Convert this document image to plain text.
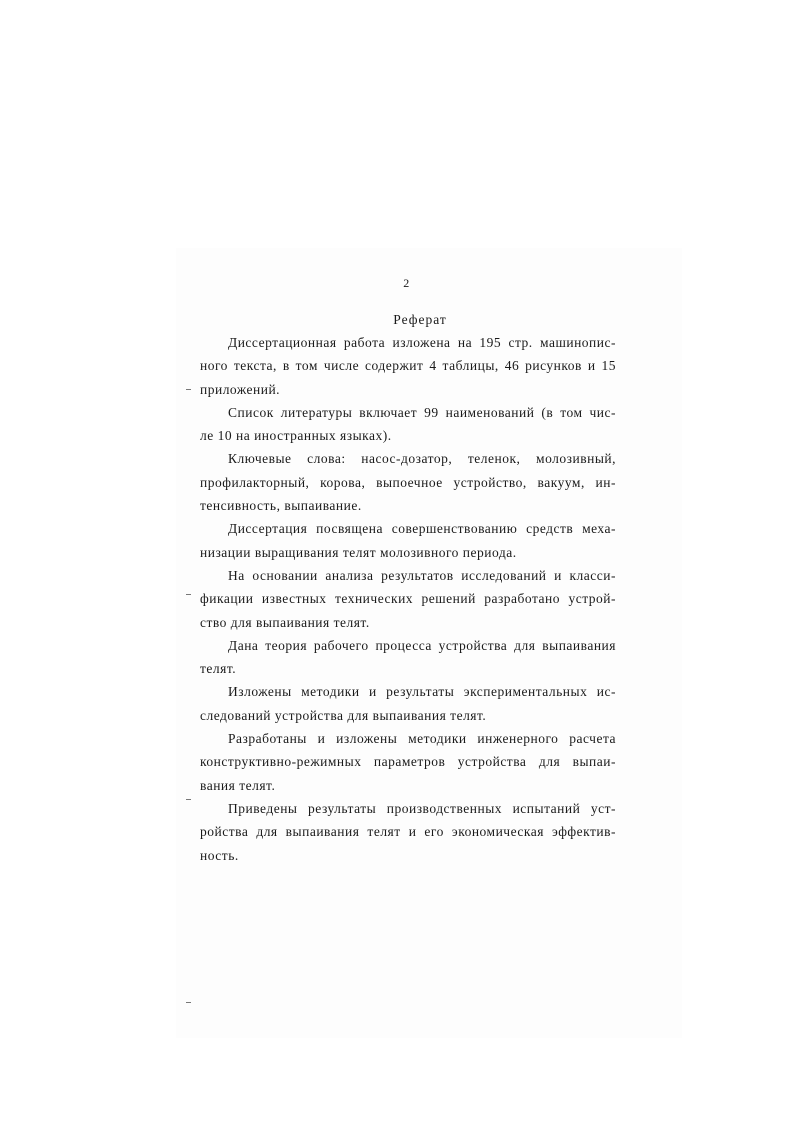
2
Реферат

Диссертационная работа изложена на 195 стр. машинопис-
ного текста, в том числе содержит 4 таблицы, 46 рисунков и 15
приложений.

Список литературы включает 99 наименований (в том чис-
ле 10 на иностранных языках).

Ключевые слова: насос-дозатор, теленок, молозивный,
профилакторный, корова, выпоечное устройство, вакуум, ин-
тенсивность, выпаивание.

Диссертация посвящена совершенствованию средств меха-
низации выращивания телят молозивного периода.

На основании анализа результатов исследований и класси-
фикации известных технических решений разработано устрой-
ство для выпаивания телят.

Дана теория рабочего процесса устройства для выпаивания
телят.

Изложены методики и результаты экспериментальных ис-
следований устройства для выпаивания телят.

Разработаны и изложены методики инженерного расчета
конструктивно-режимных параметров устройства для выпаи-
вания телят.

Приведены результаты производственных испытаний уст-
ройства для выпаивания телят и его экономическая эффектив-
ность.
